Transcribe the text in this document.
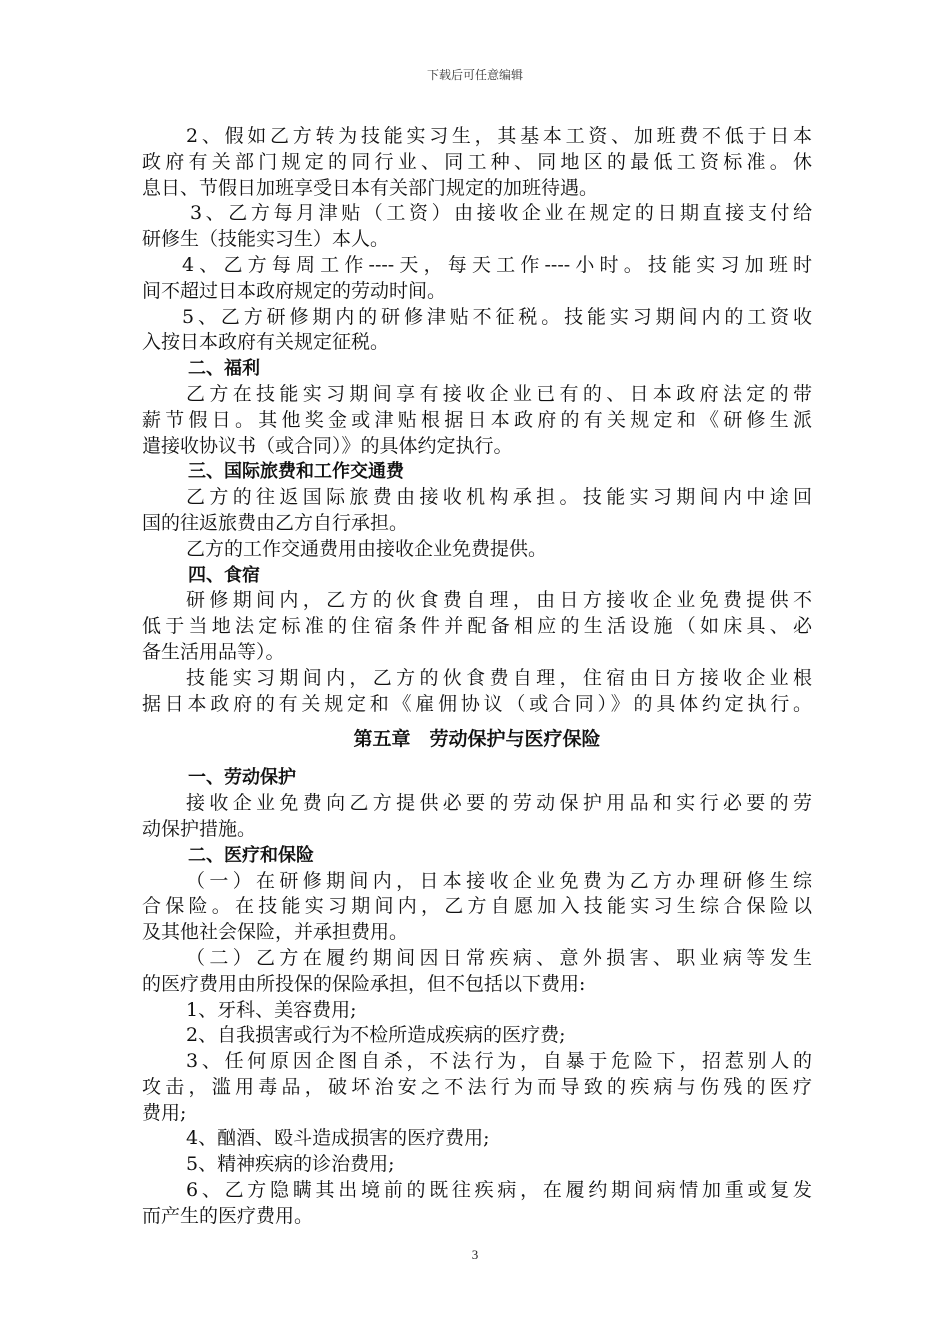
下载后可任意编辑
2、假如乙方转为技能实习生，其基本工资、加班费不低于日本
政府有关部门规定的同行业、同工种、同地区的最低工资标准。休
息日、节假日加班享受日本有关部门规定的加班待遇。
3、乙方每月津贴（工资）由接收企业在规定的日期直接支付给
研修生（技能实习生）本人。
4、乙方每周工作----天，每天工作----小时。技能实习加班时
间不超过日本政府规定的劳动时间。
5、乙方研修期内的研修津贴不征税。技能实习期间内的工资收
入按日本政府有关规定征税。
二、福利
乙方在技能实习期间享有接收企业已有的、日本政府法定的带
薪节假日。其他奖金或津贴根据日本政府的有关规定和《研修生派
遣接收协议书（或合同）》的具体约定执行。
三、国际旅费和工作交通费
乙方的往返国际旅费由接收机构承担。技能实习期间内中途回
国的往返旅费由乙方自行承担。
乙方的工作交通费用由接收企业免费提供。
四、食宿
研修期间内，乙方的伙食费自理，由日方接收企业免费提供不
低于当地法定标准的住宿条件并配备相应的生活设施（如床具、必
备生活用品等）。
技能实习期间内，乙方的伙食费自理，住宿由日方接收企业根
据日本政府的有关规定和《雇佣协议（或合同）》的具体约定执行。
第五章　劳动保护与医疗保险
一、劳动保护
接收企业免费向乙方提供必要的劳动保护用品和实行必要的劳
动保护措施。
二、医疗和保险
（一）在研修期间内，日本接收企业免费为乙方办理研修生综
合保险。在技能实习期间内，乙方自愿加入技能实习生综合保险以
及其他社会保险，并承担费用。
（二）乙方在履约期间因日常疾病、意外损害、职业病等发生
的医疗费用由所投保的保险承担，但不包括以下费用:
1、牙科、美容费用;
2、自我损害或行为不检所造成疾病的医疗费;
3、任何原因企图自杀，不法行为，自暴于危险下，招惹别人的
攻击，滥用毒品，破坏治安之不法行为而导致的疾病与伤残的医疗
费用;
4、酗酒、殴斗造成损害的医疗费用;
5、精神疾病的诊治费用;
6、乙方隐瞒其出境前的既往疾病，在履约期间病情加重或复发
而产生的医疗费用。
3
